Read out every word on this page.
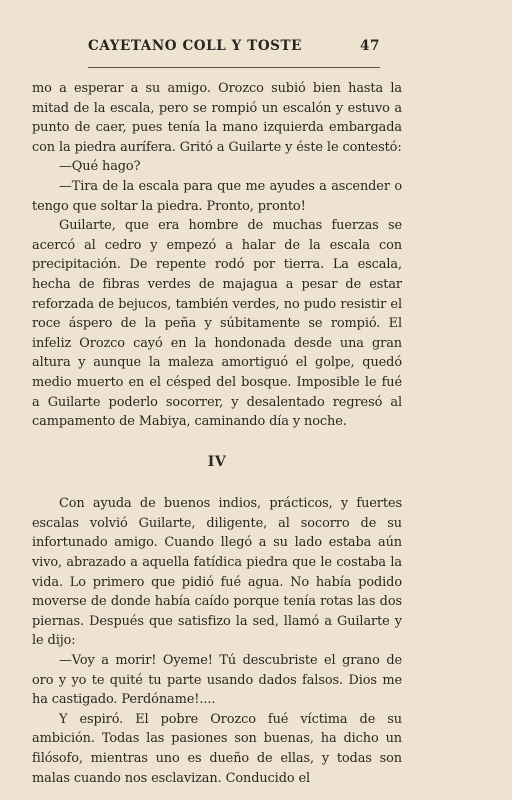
CAYETANO COLL Y TOSTE	47

mo a esperar a su amigo. Orozco subió bien hasta la mitad de la escala, pero se rompió un escalón y estuvo a punto de caer, pues tenía la mano izquierda embargada con la piedra aurífera. Gritó a Guilarte y éste le contestó:

—Qué hago?

—Tira de la escala para que me ayudes a ascender o tengo que soltar la piedra. Pronto, pronto!

Guilarte, que era hombre de muchas fuerzas se acercó al cedro y empezó a halar de la escala con precipitación. De repente rodó por tierra. La escala, hecha de fibras verdes de majagua a pesar de estar reforzada de bejucos, también verdes, no pudo resistir el roce áspero de la peña y súbitamente se rompió. El infeliz Orozco cayó en la hondonada desde una gran altura y aunque la maleza amortiguó el golpe, quedó medio muerto en el césped del bosque. Imposible le fué a Guilarte poderlo socorrer, y desalentado regresó al campamento de Mabiya, caminando día y noche.

IV

Con ayuda de buenos indios, prácticos, y fuertes escalas volvió Guilarte, diligente, al socorro de su infortunado amigo. Cuando llegó a su lado estaba aún vivo, abrazado a aquella fatídica piedra que le costaba la vida. Lo primero que pidió fué agua. No había podido moverse de donde había caído porque tenía rotas las dos piernas. Después que satisfizo la sed, llamó a Guilarte y le dijo:

—Voy a morir! Oyeme! Tú descubriste el grano de oro y yo te quité tu parte usando dados falsos. Dios me ha castigado. Perdóname!....

Y espiró. El pobre Orozco fué víctima de su ambición. Todas las pasiones son buenas, ha dicho un filósofo, mientras uno es dueño de ellas, y todas son malas cuando nos esclavizan. Conducido el
